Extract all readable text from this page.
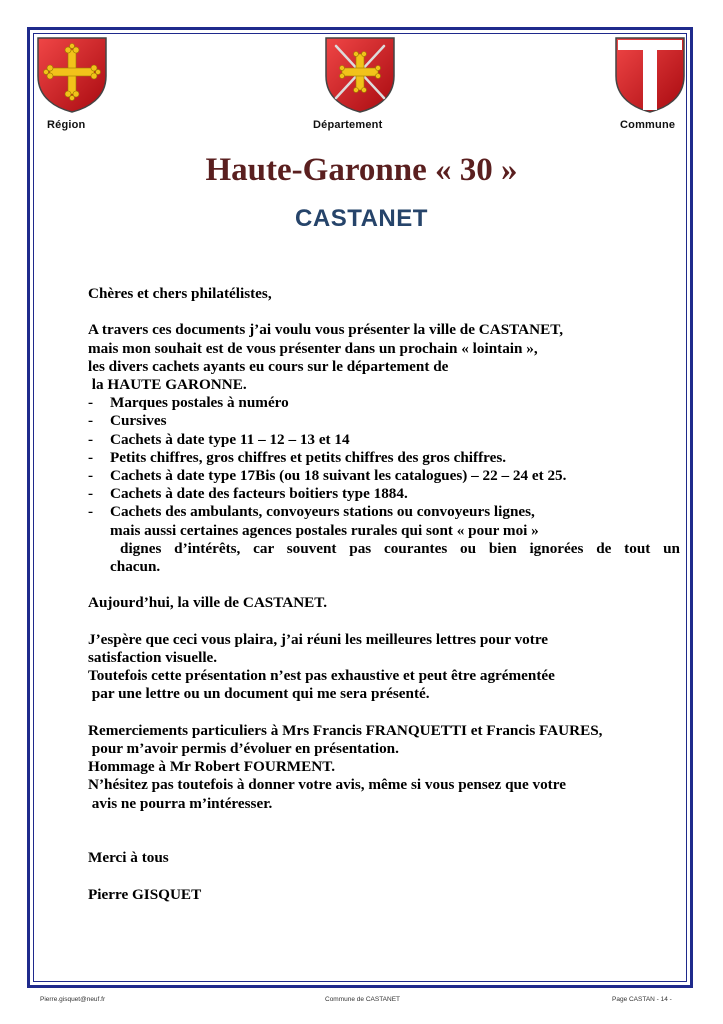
Région	Département	Commune
Haute-Garonne « 30 »
CASTANET
Chères et chers philatélistes,
A travers ces documents j’ai voulu vous présenter la ville de CASTANET,
mais mon souhait est de vous présenter dans un prochain « lointain »,
les divers cachets ayants eu cours sur le département de
la HAUTE GARONNE.
-	Marques postales à numéro
-	Cursives
-	Cachets à date type 11 – 12 – 13 et 14
-	Petits chiffres, gros chiffres et petits chiffres des gros chiffres.
-	Cachets à date type 17Bis (ou 18 suivant les catalogues) – 22 – 24 et 25.
-	Cachets à date des facteurs boitiers type 1884.
-	Cachets des ambulants, convoyeurs stations ou convoyeurs lignes,
mais aussi certaines agences postales rurales qui sont « pour moi »
dignes d’intérêts, car souvent pas courantes ou bien ignorées de tout un
chacun.
Aujourd’hui, la ville de CASTANET.
J’espère que ceci vous plaira, j’ai réuni les meilleures lettres pour votre
satisfaction visuelle.
Toutefois cette présentation n’est pas exhaustive et peut être agrémentée
par une lettre ou un document qui me sera présenté.
Remerciements particuliers à Mrs Francis FRANQUETTI et Francis FAURES,
pour m’avoir permis d’évoluer en présentation.
Hommage à Mr Robert FOURMENT.
N’hésitez pas toutefois à donner votre avis, même si vous pensez que votre
avis ne pourra m’intéresser.
Merci à tous
Pierre GISQUET
Pierre.gisquet@neuf.fr	Commune de CASTANET	Page CASTAN - 14 -
